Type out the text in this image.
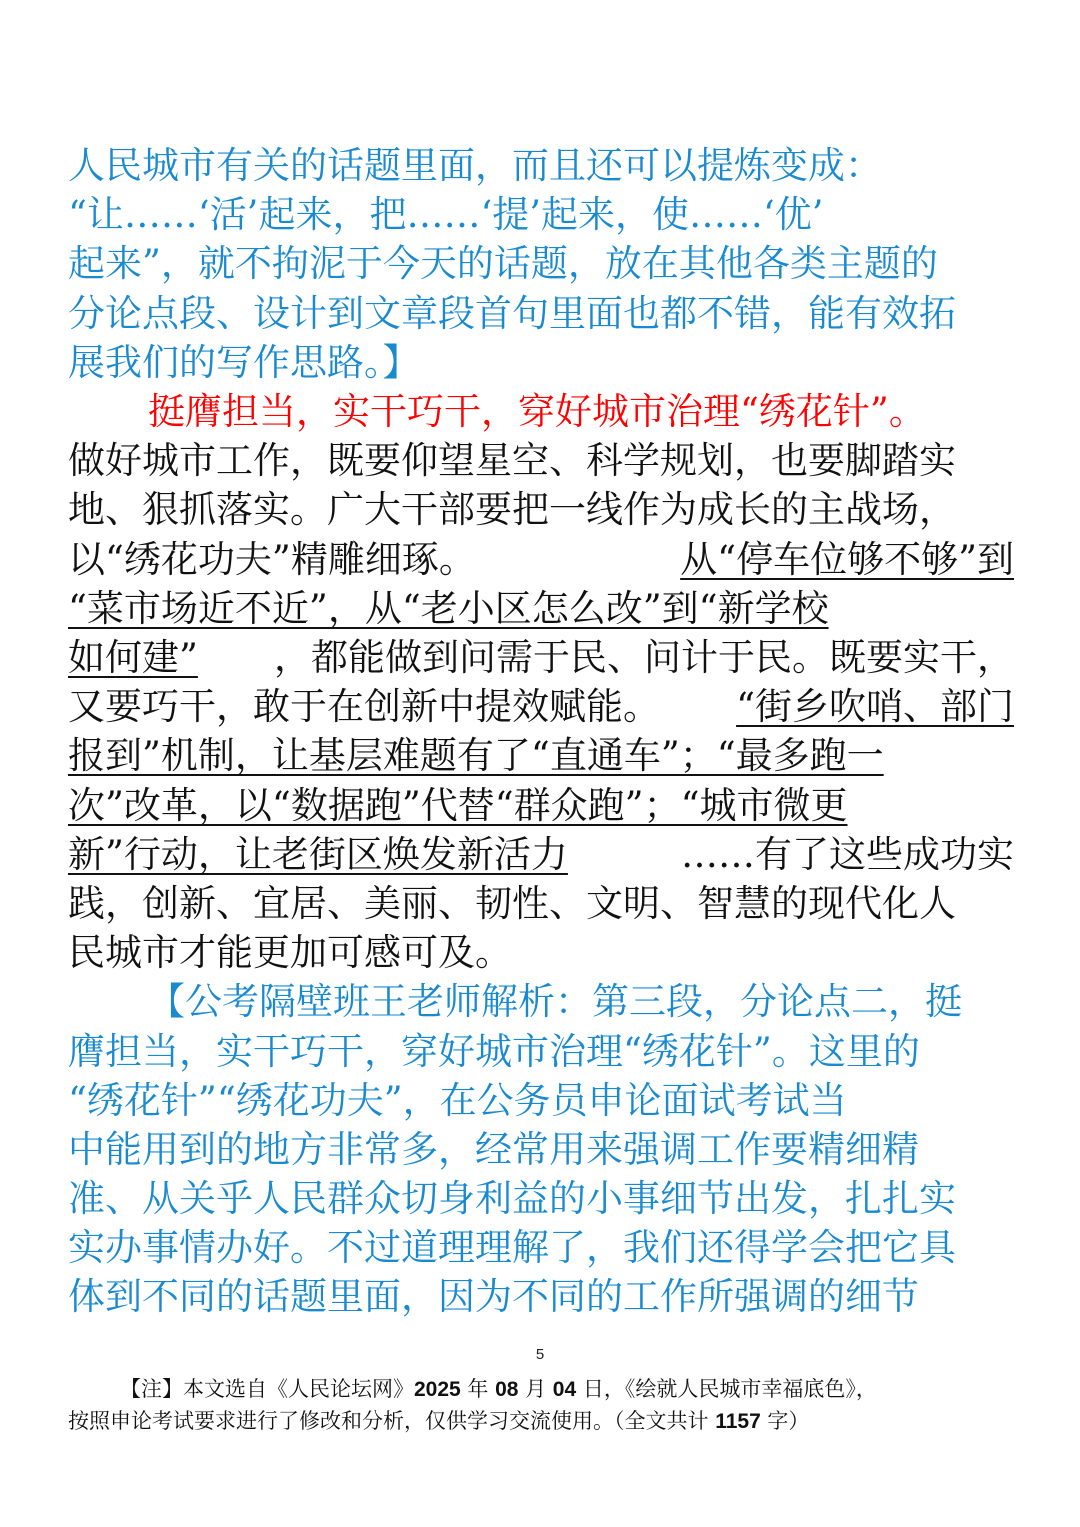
人民城市有关的话题里面，而且还可以提炼变成：
“让……‘活’起来，把……‘提’起来，使……‘优’
起来”，就不拘泥于今天的话题，放在其他各类主题的
分论点段、设计到文章段首句里面也都不错，能有效拓
展我们的写作思路。】
挺膺担当，实干巧干，穿好城市治理“绣花针”。
做好城市工作，既要仰望星空、科学规划，也要脚踏实
地、狠抓落实。广大干部要把一线作为成长的主战场，
以“绣花功夫”精雕细琢。	从“停车位够不够”到
“菜市场近不近”，从“老小区怎么改”到“新学校
如何建” ，都能做到问需于民、问计于民。既要实干，
又要巧干，敢于在创新中提效赋能。 “街乡吹哨、部门
报到”机制，让基层难题有了“直通车”；“最多跑一
次”改革，以“数据跑”代替“群众跑”；“城市微更
新”行动，让老街区焕发新活力	……有了这些成功实
践，创新、宜居、美丽、韧性、文明、智慧的现代化人
民城市才能更加可感可及。
【公考隔壁班王老师解析：第三段，分论点二，挺
膺担当，实干巧干，穿好城市治理“绣花针”。这里的
“绣花针”“绣花功夫”，在公务员申论面试考试当
中能用到的地方非常多，经常用来强调工作要精细精
准、从关乎人民群众切身利益的小事细节出发，扎扎实
实办事情办好。不过道理理解了，我们还得学会把它具
体到不同的话题里面，因为不同的工作所强调的细节
5
【注】本文选自《人民论坛网》2025 年 08 月 04 日，《绘就人民城市幸福底色》，
按照申论考试要求进行了修改和分析，仅供学习交流使用。（全文共计 1157 字）
